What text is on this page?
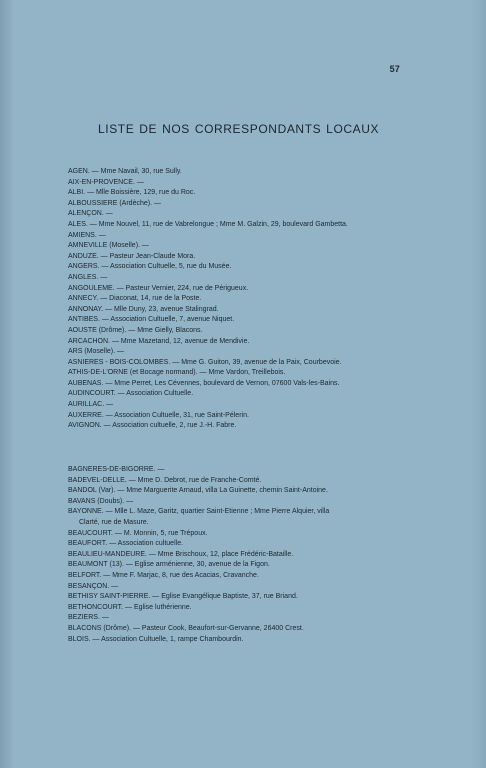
57
LISTE DE NOS CORRESPONDANTS LOCAUX
AGEN. — Mme Navail, 30, rue Sully.
AIX-EN-PROVENCE. —
ALBI. — Mlle Boissière, 129, rue du Roc.
ALBOUSSIERE (Ardèche). —
ALENÇON. —
ALES. — Mme Nouvel, 11, rue de Vabrelongue ; Mme M. Galzin, 29, boulevard Gambetta.
AMIENS. —
AMNEVILLE (Moselle). —
ANDUZE. — Pasteur Jean-Claude Mora.
ANGERS. — Association Cultuelle, 5, rue du Musée.
ANGLES. —
ANGOULEME. — Pasteur Vernier, 224, rue de Périgueux.
ANNECY. — Diaconat, 14, rue de la Poste.
ANNONAY. — Mlle Duny, 23, avenue Stalingrad.
ANTIBES. — Association Cultuelle, 7, avenue Niquet.
AOUSTE (Drôme). — Mme Gielly, Blacons.
ARCACHON. — Mme Mazetand, 12, avenue de Mendivie.
ARS (Moselle). —
ASNIERES - BOIS-COLOMBES. — Mme G. Guiton, 39, avenue de la Paix, Courbevoie.
ATHIS-DE-L'ORNE (et Bocage normand). — Mme Vardon, Treillebois.
AUBENAS. — Mme Perret, Les Cévennes, boulevard de Vernon, 07600 Vals-les-Bains.
AUDINCOURT. — Association Cultuelle.
AURILLAC. —
AUXERRE. — Association Cultuelle, 31, rue Saint-Pélerin.
AVIGNON. — Association cultuelle, 2, rue J.-H. Fabre.
BAGNERES-DE-BIGORRE. —
BADEVEL-DELLE. — Mme D. Debrot, rue de Franche-Comté.
BANDOL (Var). — Mme Marguerite Arnaud, villa La Guinette, chemin Saint-Antoine.
BAVANS (Doubs). —
BAYONNE. — Mlle L. Maze, Garitz, quartier Saint-Etienne ; Mme Pierre Alquier, villa
Clarté, rue de Masure.
BEAUCOURT. — M. Monnin, 5, rue Trépoux.
BEAUFORT. — Association cultuelle.
BEAULIEU-MANDEURE. — Mme Brischoux, 12, place Frédéric-Bataille.
BEAUMONT (13). — Eglise arménienne, 30, avenue de la Figon.
BELFORT. — Mme F. Marjac, 8, rue des Acacias, Cravanche.
BESANÇON. —
BETHISY SAINT-PIERRE. — Eglise Evangélique Baptiste, 37, rue Briand.
BETHONCOURT. — Eglise luthérienne.
BEZIERS. —
BLACONS (Drôme). — Pasteur Cook, Beaufort-sur-Gervanne, 26400 Crest.
BLOIS. — Association Cultuelle, 1, rampe Chambourdin.
